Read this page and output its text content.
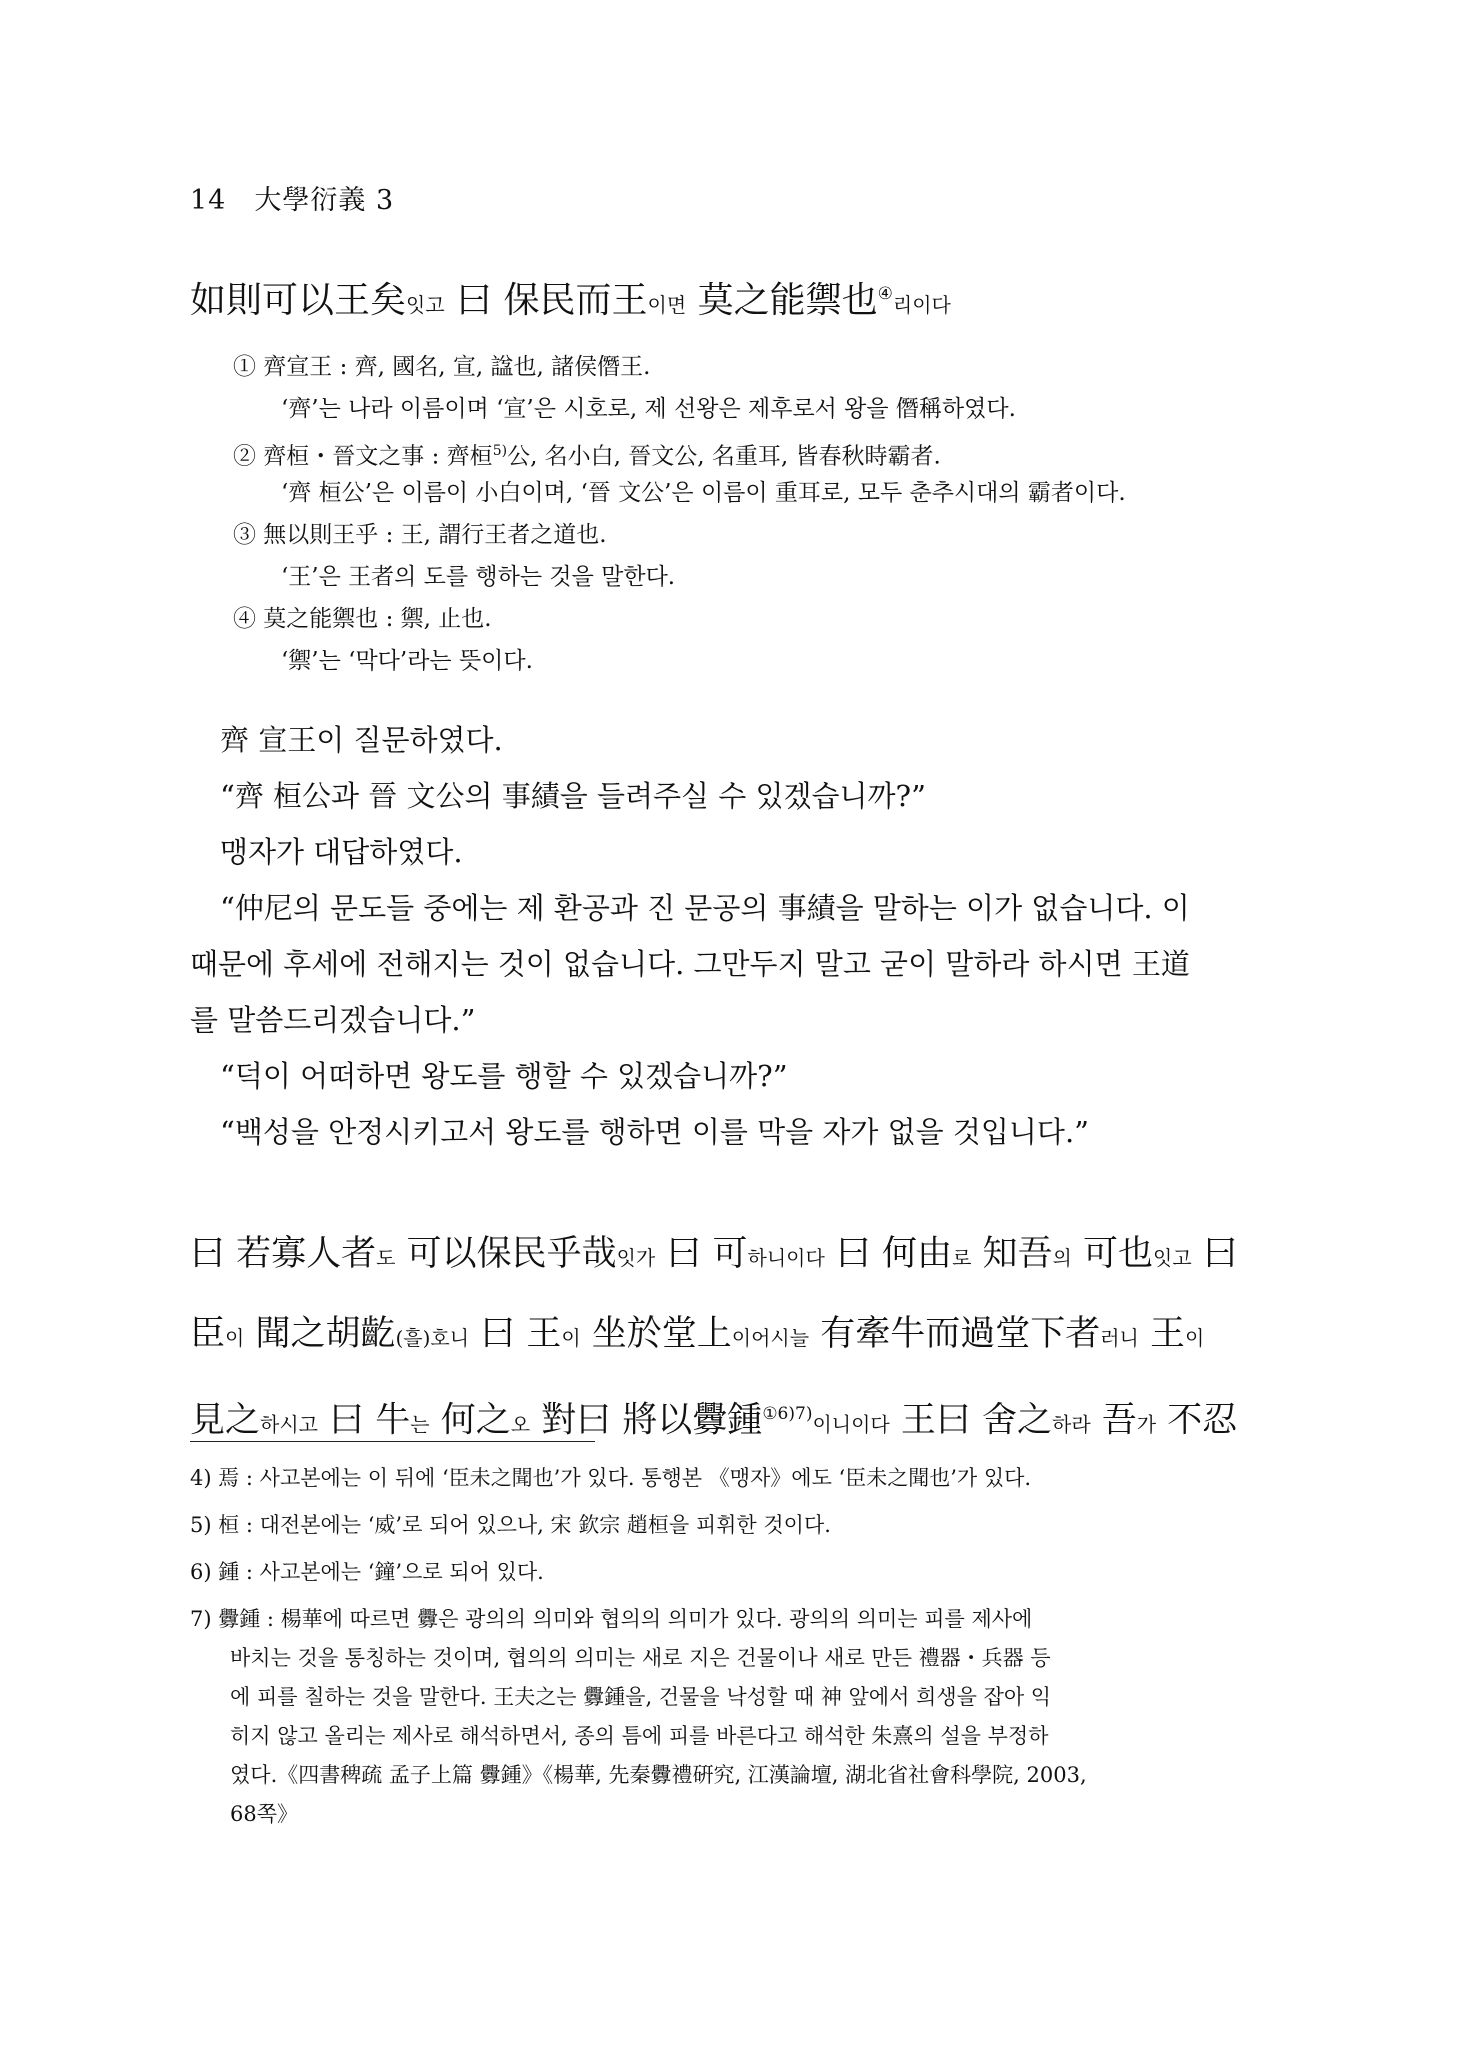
14　大學衍義 3
如則可以王矣잇고 曰 保民而王이면 莫之能禦也④리이다
① 齊宣王 : 齊, 國名, 宣, 諡也, 諸侯僭王.
‘齊’는 나라 이름이며 ‘宣’은 시호로, 제 선왕은 제후로서 왕을 僭稱하였다.
② 齊桓・晉文之事 : 齊桓$^{5)}$公, 名小白, 晉文公, 名重耳, 皆春秋時霸者.
‘齊 桓公’은 이름이 小白이며, ‘晉 文公’은 이름이 重耳로, 모두 춘추시대의 霸者이다.
③ 無以則王乎 : 王, 謂行王者之道也.
‘王’은 王者의 도를 행하는 것을 말한다.
④ 莫之能禦也 : 禦, 止也.
‘禦’는 ‘막다’라는 뜻이다.
齊 宣王이 질문하였다.
“齊 桓公과 晉 文公의 事績을 들려주실 수 있겠습니까?”
맹자가 대답하였다.
“仲尼의 문도들 중에는 제 환공과 진 문공의 事績을 말하는 이가 없습니다. 이
때문에 후세에 전해지는 것이 없습니다. 그만두지 말고 굳이 말하라 하시면 王道
를 말씀드리겠습니다.”
“덕이 어떠하면 왕도를 행할 수 있겠습니까?”
“백성을 안정시키고서 왕도를 행하면 이를 막을 자가 없을 것입니다.”
曰 若寡人者도 可以保民乎哉잇가 曰 可하니이다 曰 何由로 知吾의 可也잇고 曰
臣이 聞之胡齕(흘)호니 曰 王이 坐於堂上이어시늘 有牽牛而過堂下者러니 王이
見之하시고 曰 牛는 何之오 對曰 將以釁鍾$^{①6)7)}$이니이다 王曰 舍之하라 吾가 不忍
4) 焉 : 사고본에는 이 뒤에 ‘臣未之聞也’가 있다. 통행본 《맹자》에도 ‘臣未之聞也’가 있다.
5) 桓 : 대전본에는 ‘威’로 되어 있으나, 宋 欽宗 趙桓을 피휘한 것이다.
6) 鍾 : 사고본에는 ‘鐘’으로 되어 있다.
7) 釁鍾 : 楊華에 따르면 釁은 광의의 의미와 협의의 의미가 있다. 광의의 의미는 피를 제사에
바치는 것을 통칭하는 것이며, 협의의 의미는 새로 지은 건물이나 새로 만든 禮器・兵器 등
에 피를 칠하는 것을 말한다. 王夫之는 釁鍾을, 건물을 낙성할 때 神 앞에서 희생을 잡아 익
히지 않고 올리는 제사로 해석하면서, 종의 틈에 피를 바른다고 해석한 朱熹의 설을 부정하
였다.《四書稗疏 孟子上篇 釁鍾》《楊華, 先秦釁禮硏究, 江漢論壇, 湖北省社會科學院, 2003,
68쪽》
